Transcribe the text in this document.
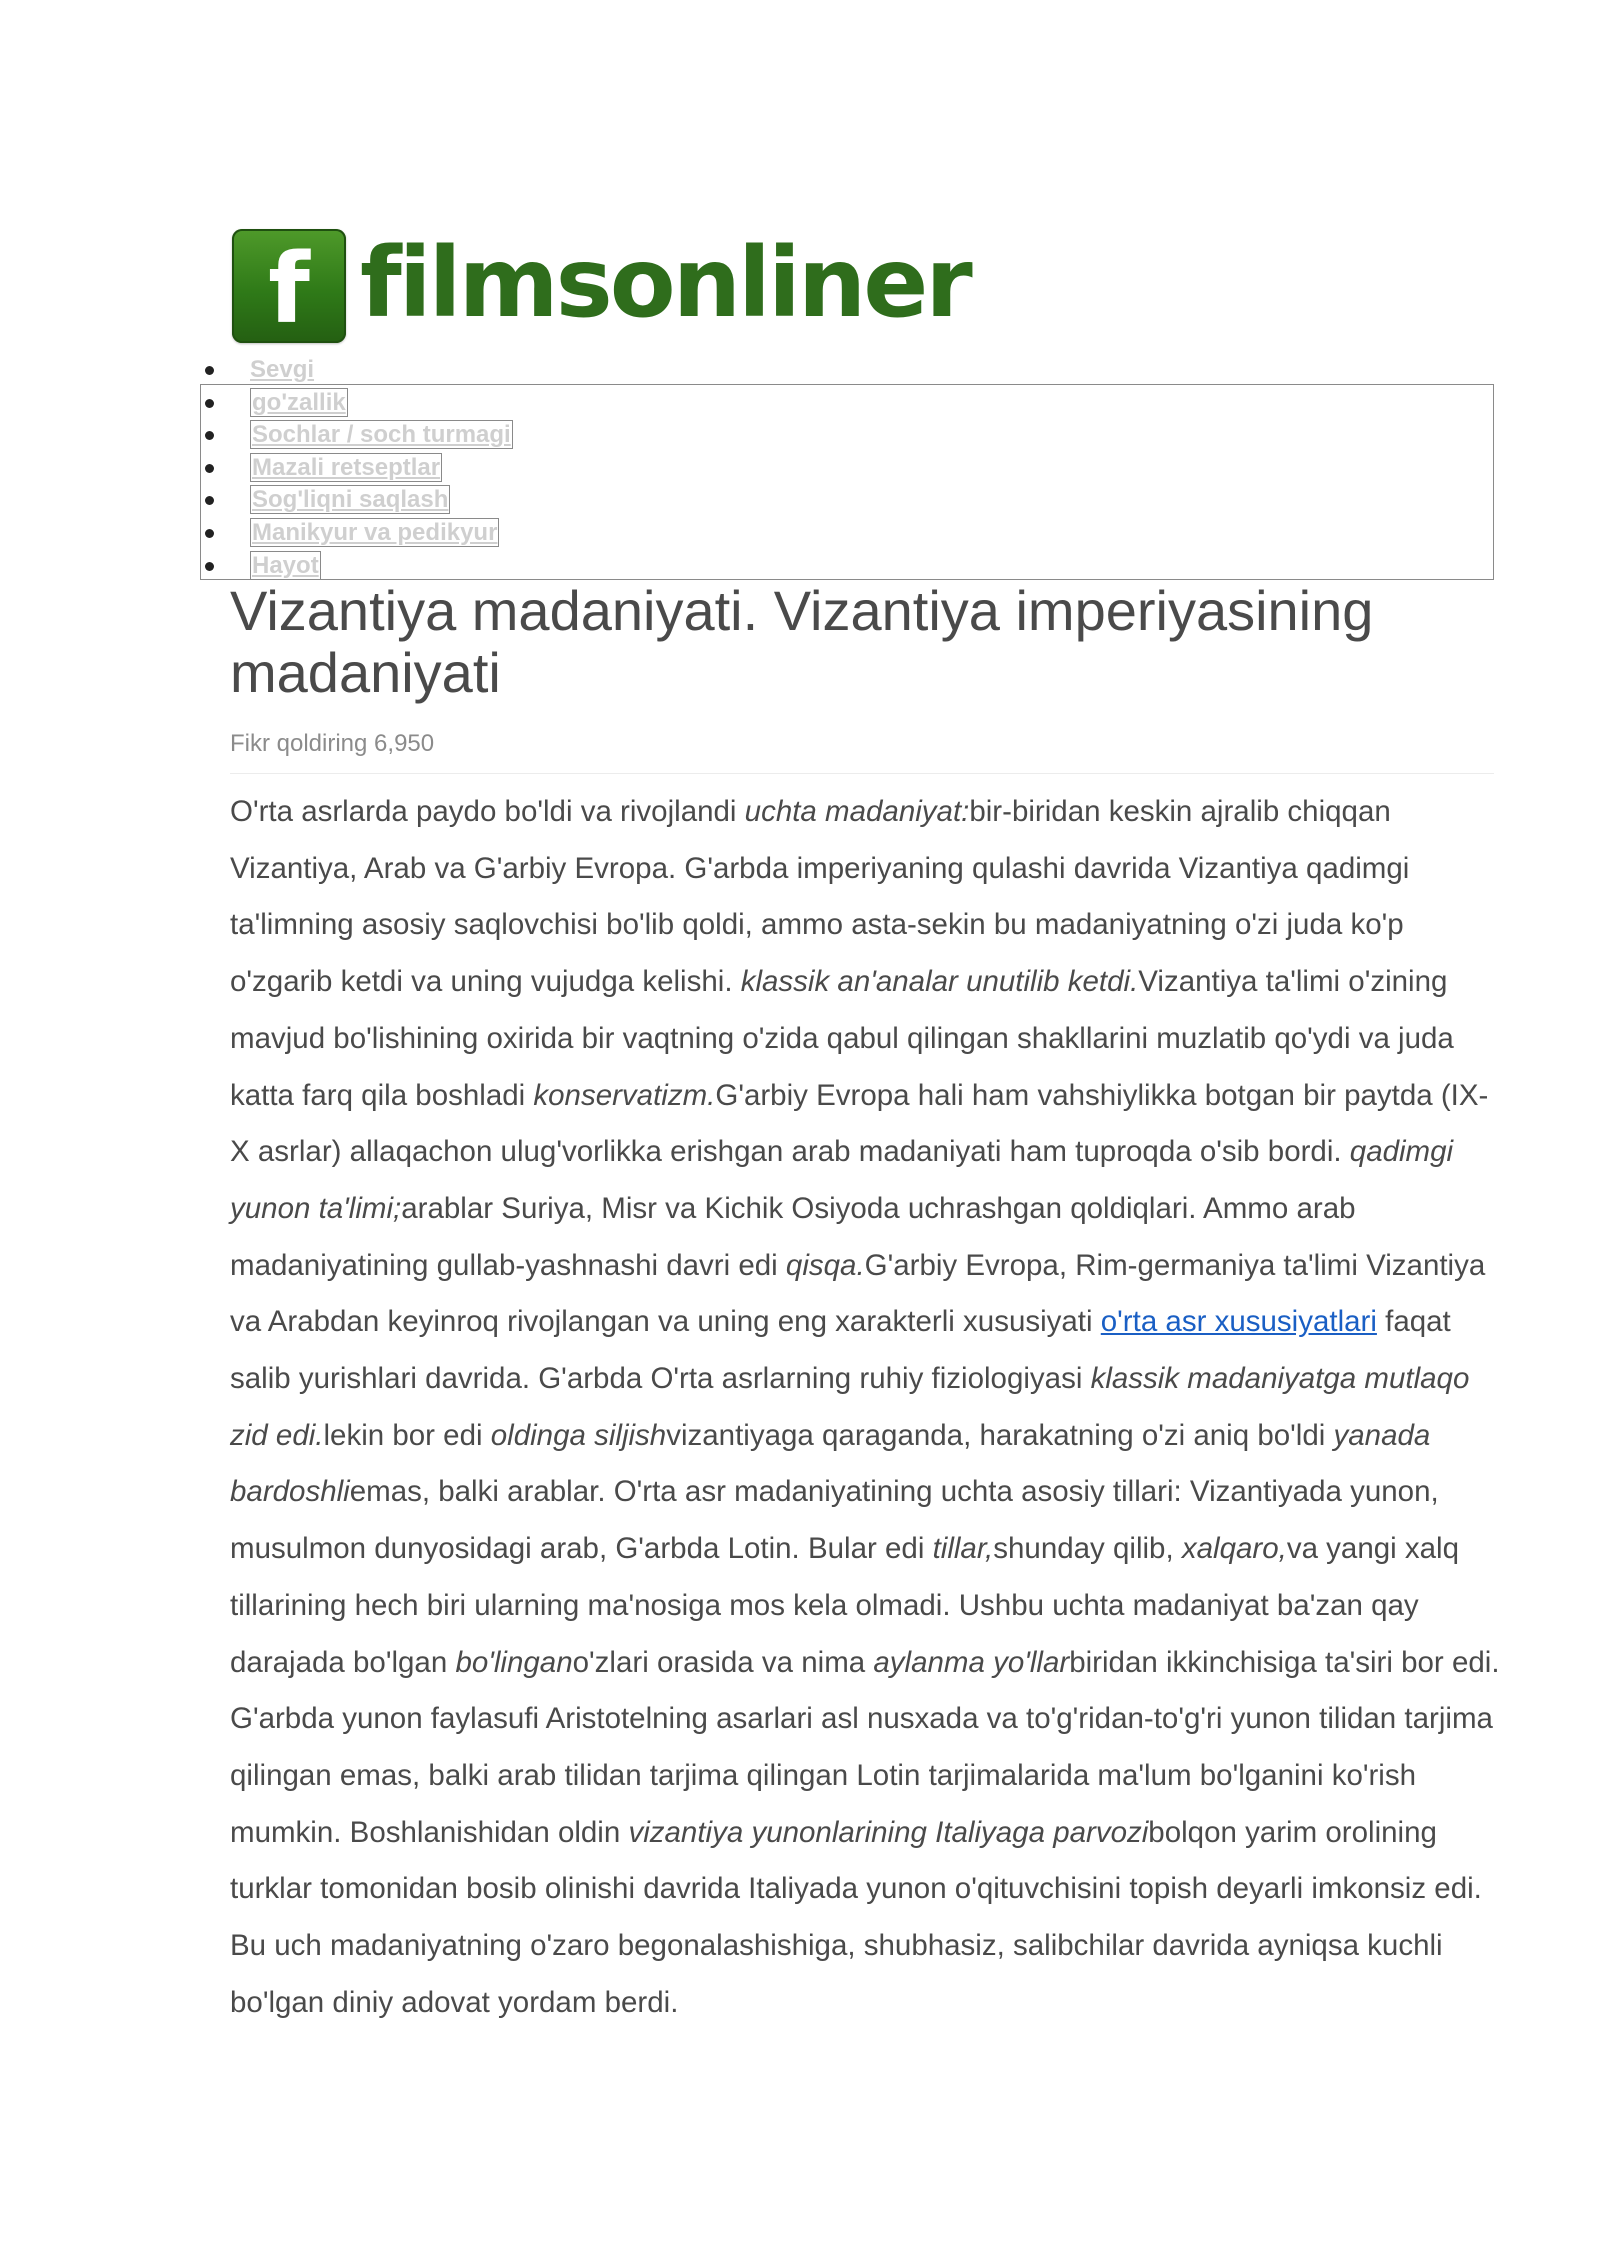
f filmsonliner
Sevgi
go'zallik
Sochlar / soch turmagi
Mazali retseptlar
Sog'liqni saqlash
Manikyur va pedikyur
Hayot
Vizantiya madaniyati. Vizantiya imperiyasining madaniyati
Fikr qoldiring 6,950
O'rta asrlarda paydo bo'ldi va rivojlandi uchta madaniyat:bir-biridan keskin ajralib chiqqan Vizantiya, Arab va G'arbiy Evropa. G'arbda imperiyaning qulashi davrida Vizantiya qadimgi ta'limning asosiy saqlovchisi bo'lib qoldi, ammo asta-sekin bu madaniyatning o'zi juda ko'p o'zgarib ketdi va uning vujudga kelishi. klassik an'analar unutilib ketdi.Vizantiya ta'limi o'zining mavjud bo'lishining oxirida bir vaqtning o'zida qabul qilingan shakllarini muzlatib qo'ydi va juda katta farq qila boshladi konservatizm.G'arbiy Evropa hali ham vahshiylikka botgan bir paytda (IX-X asrlar) allaqachon ulug'vorlikka erishgan arab madaniyati ham tuproqda o'sib bordi. qadimgi yunon ta'limi;arablar Suriya, Misr va Kichik Osiyoda uchrashgan qoldiqlari. Ammo arab madaniyatining gullab-yashnashi davri edi qisqa.G'arbiy Evropa, Rim-germaniya ta'limi Vizantiya va Arabdan keyinroq rivojlangan va uning eng xarakterli xususiyati o'rta asr xususiyatlari faqat salib yurishlari davrida. G'arbda O'rta asrlarning ruhiy fiziologiyasi klassik madaniyatga mutlaqo zid edi.lekin bor edi oldinga siljishvizantiyaga qaraganda, harakatning o'zi aniq bo'ldi yanada bardoshliemas, balki arablar. O'rta asr madaniyatining uchta asosiy tillari: Vizantiyada yunon, musulmon dunyosidagi arab, G'arbda Lotin. Bular edi tillar,shunday qilib, xalqaro,va yangi xalq tillarining hech biri ularning ma'nosiga mos kela olmadi. Ushbu uchta madaniyat ba'zan qay darajada bo'lgan bo'lingano'zlari orasida va nima aylanma yo'llarbiridan ikkinchisiga ta'siri bor edi. G'arbda yunon faylasufi Aristotelning asarlari asl nusxada va to'g'ridan-to'g'ri yunon tilidan tarjima qilingan emas, balki arab tilidan tarjima qilingan Lotin tarjimalarida ma'lum bo'lganini ko'rish mumkin. Boshlanishidan oldin vizantiya yunonlarining Italiyaga parvozibolqon yarim orolining turklar tomonidan bosib olinishi davrida Italiyada yunon o'qituvchisini topish deyarli imkonsiz edi. Bu uch madaniyatning o'zaro begonalashishiga, shubhasiz, salibchilar davrida ayniqsa kuchli bo'lgan diniy adovat yordam berdi.
